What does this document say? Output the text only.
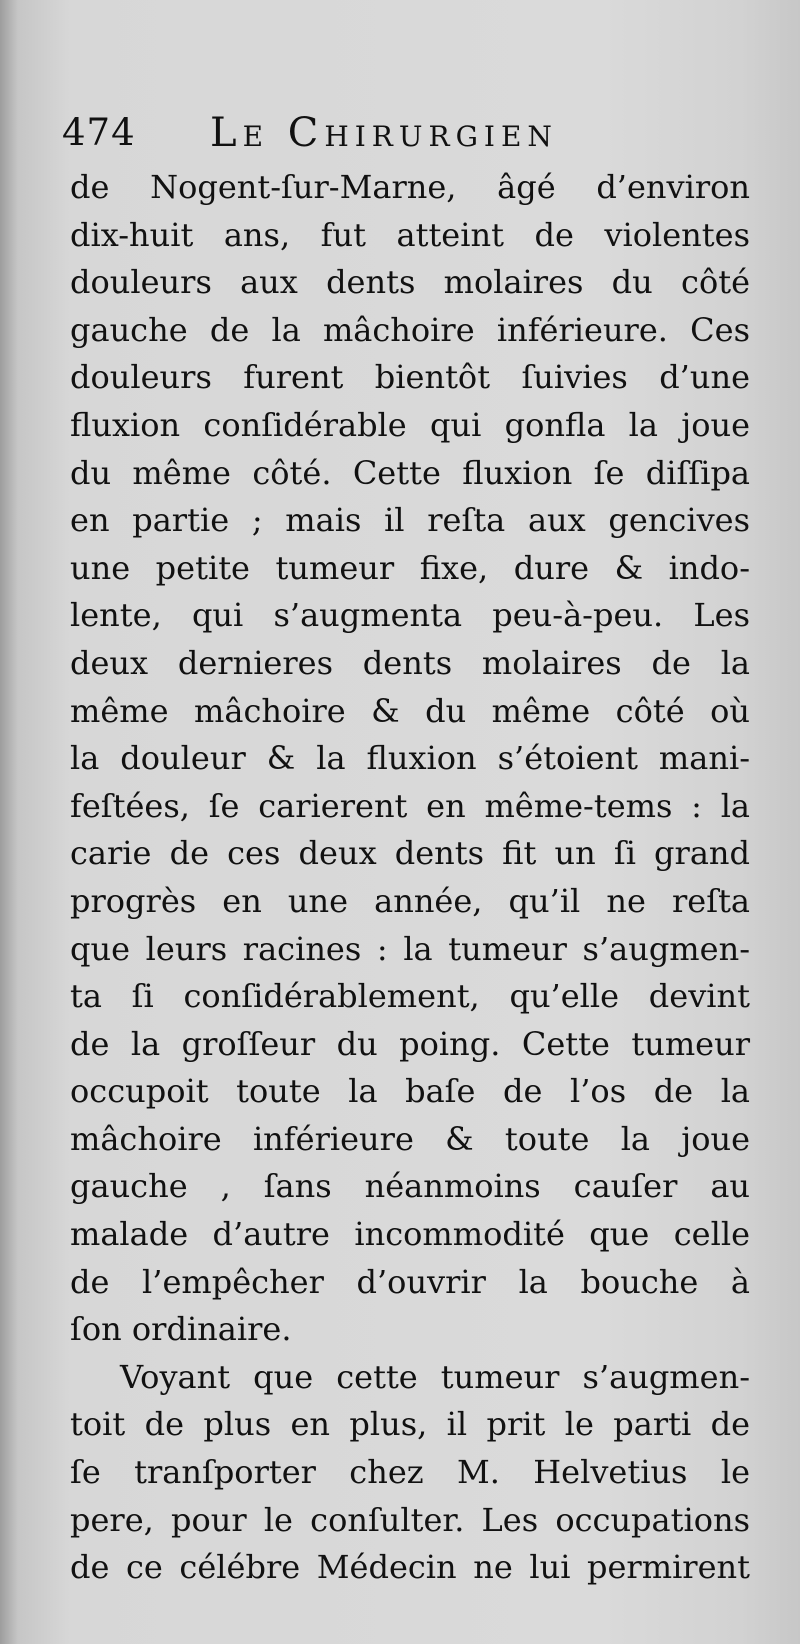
474 Le Chirurgien
de Nogent-ſur-Marne, âgé d’environ
dix-huit ans, fut atteint de violentes
douleurs aux dents molaires du côté
gauche de la mâchoire inférieure. Ces
douleurs furent bientôt ſuivies d’une
fluxion conſidérable qui gonfla la joue
du même côté. Cette fluxion ſe diſſipa
en partie ; mais il reſta aux gencives
une petite tumeur fixe, dure & indo-
lente, qui s’augmenta peu-à-peu. Les
deux dernieres dents molaires de la
même mâchoire & du même côté où
la douleur & la fluxion s’étoient mani-
feſtées, ſe carierent en même-tems : la
carie de ces deux dents fit un ſi grand
progrès en une année, qu’il ne reſta
que leurs racines : la tumeur s’augmen-
ta ſi conſidérablement, qu’elle devint
de la groſſeur du poing. Cette tumeur
occupoit toute la baſe de l’os de la
mâchoire inférieure & toute la joue
gauche , ſans néanmoins cauſer au
malade d’autre incommodité que celle
de l’empêcher d’ouvrir la bouche à
ſon ordinaire.
Voyant que cette tumeur s’augmen-
toit de plus en plus, il prit le parti de
ſe tranſporter chez M. Helvetius le
pere, pour le conſulter. Les occupations
de ce célébre Médecin ne lui permirent
